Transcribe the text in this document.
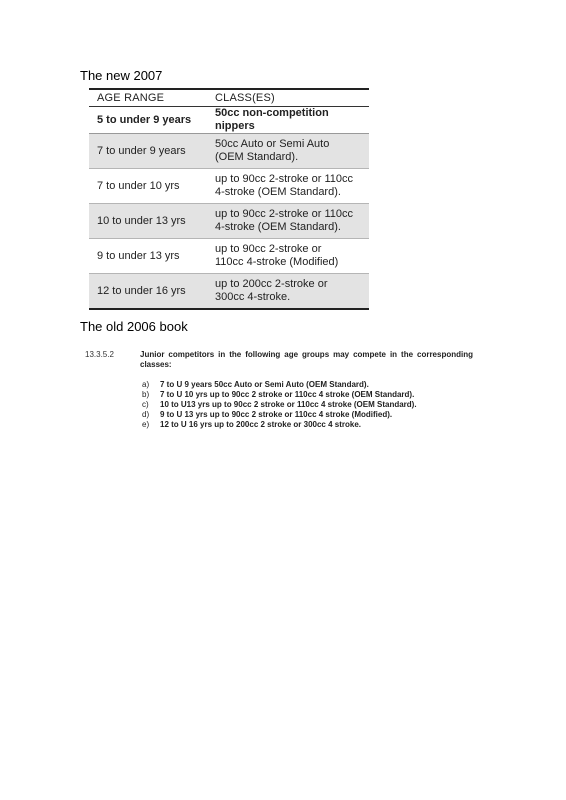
The new 2007
AGE RANGE	CLASS(ES)
5 to under 9 years	50cc non-competition nippers
7 to under 9 years	50cc Auto or Semi Auto
(OEM Standard).
7 to under 10 yrs	up to 90cc 2-stroke or 110cc
4-stroke (OEM Standard).
10 to under 13 yrs	up to 90cc 2-stroke or 110cc
4-stroke (OEM Standard).
9 to under 13 yrs	up to 90cc 2-stroke or
110cc 4-stroke (Modified)
12 to under 16 yrs	up to 200cc 2-stroke or
300cc 4-stroke.
The old 2006 book
13.3.5.2	Junior competitors in the following age groups may compete in the corresponding classes:
a)	7 to U 9 years 50cc Auto or Semi Auto (OEM Standard).
b)	7 to U 10 yrs up to 90cc 2 stroke or 110cc 4 stroke (OEM Standard).
c)	10 to U13 yrs up to 90cc 2 stroke or 110cc 4 stroke (OEM Standard).
d)	9 to U 13 yrs up to 90cc 2 stroke or 110cc 4 stroke (Modified).
e)	12 to U 16 yrs up to 200cc 2 stroke or 300cc 4 stroke.
